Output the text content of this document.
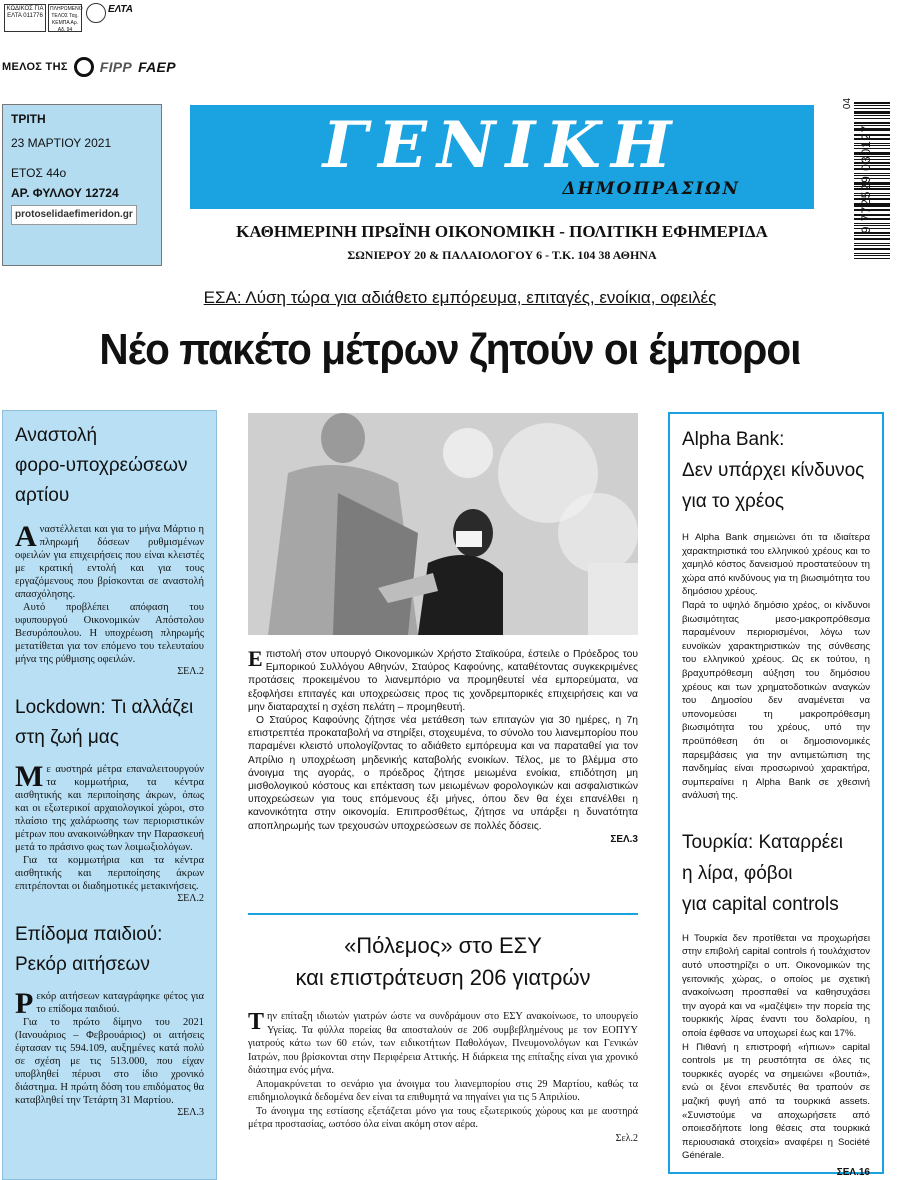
ΚΩΔΙΚΟΣ ΓΙΑ ΕΛΤΑ 011776
ΠΛΗΡΩΜΕΝΟ ΤΕΛΟΣ Ταχ. ΚΕΜΠΑ Αρ. Αδ. 94
ΕΛΤΑ
ΜΕΛΟΣ ΤΗΣ FIPP FAEP
ΤΡΙΤΗ
23 ΜΑΡΤΙΟΥ 2021
ΕΤΟΣ 44ο
ΑΡ. ΦΥΛΛΟΥ 12724
protoselidaefimeridon.gr
ΓΕΝΙΚΗ
ΔΗΜΟΠΡΑΣΙΩΝ
ΚΑΘΗΜΕΡΙΝΗ ΠΡΩΪΝΗ ΟΙΚΟΝΟΜΙΚΗ - ΠΟΛΙΤΙΚΗ ΕΦΗΜΕΡΙΔΑ
ΣΩΝΙΕΡΟΥ 20 & ΠΑΛΑΙΟΛΟΓΟΥ 6 - Τ.Κ. 104 38 ΑΘΗΝΑ
9 772529 030127
04
ΕΣΑ: Λύση τώρα για αδιάθετο εμπόρευμα, επιταγές, ενοίκια, οφειλές
Νέο πακέτο μέτρων ζητούν οι έμποροι
Αναστολή
φορο-υποχρεώσεων
αρτίου
Αναστέλλεται και για το μήνα Μάρτιο η πληρωμή δόσεων ρυθμισμένων οφειλών για επιχειρήσεις που είναι κλειστές με κρατική εντολή και για τους εργαζόμενους που βρίσκονται σε αναστολή απασχόλησης.
Αυτό προβλέπει απόφαση του υφυπουργού Οικονομικών Απόστολου Βεσυρόπουλου. Η υποχρέωση πληρωμής μετατίθεται για τον επόμενο του τελευταίου μήνα της ρύθμισης οφειλών.
ΣΕΛ.2
Lockdown: Τι αλλάζει
στη ζωή μας
Με αυστηρά μέτρα επαναλειτουργούν τα κομμωτήρια, τα κέντρα αισθητικής και περιποίησης άκρων, όπως και οι εξωτερικοί αρχαιολογικοί χώροι, στο πλαίσιο της χαλάρωσης των περιοριστικών μέτρων που ανακοινώθηκαν την Παρασκευή μετά το πράσινο φως των λοιμωξιολόγων.
Για τα κομμωτήρια και τα κέντρα αισθητικής και περιποίησης άκρων επιτρέπονται οι διαδημοτικές μετακινήσεις.
ΣΕΛ.2
Επίδομα παιδιού:
Ρεκόρ αιτήσεων
Ρεκόρ αιτήσεων καταγράφηκε φέτος για το επίδομα παιδιού.
Για το πρώτο δίμηνο του 2021 (Ιανουάριος – Φεβρουάριος) οι αιτήσεις έφτασαν τις 594.109, αυξημένες κατά πολύ σε σχέση με τις 513.000, που είχαν υποβληθεί πέρυσι στο ίδιο χρονικό διάστημα. Η πρώτη δόση του επιδόματος θα καταβληθεί την Τετάρτη 31 Μαρτίου.
ΣΕΛ.3
Επιστολή στον υπουργό Οικονομικών Χρήστο Σταϊκούρα, έστειλε ο Πρόεδρος του Εμπορικού Συλλόγου Αθηνών, Σταύρος Καφούνης, καταθέτοντας συγκεκριμένες προτάσεις προκειμένου το λιανεμπόριο να προμηθευτεί νέα εμπορεύματα, να εξοφλήσει επιταγές και υποχρεώσεις προς τις χονδρεμπορικές επιχειρήσεις και να μην διαταραχτεί η σχέση πελάτη – προμηθευτή.
Ο Σταύρος Καφούνης ζήτησε νέα μετάθεση των επιταγών για 30 ημέρες, η 7η επιστρεπτέα προκαταβολή να στηρίξει, στοχευμένα, το σύνολο του λιανεμπορίου που παραμένει κλειστό υπολογίζοντας το αδιάθετο εμπόρευμα και να παραταθεί για τον Απρίλιο η υποχρέωση μηδενικής καταβολής ενοικίων. Τέλος, με το βλέμμα στο άνοιγμα της αγοράς, ο πρόεδρος ζήτησε μειωμένα ενοίκια, επιδότηση μη μισθολογικού κόστους και επέκταση των μειωμένων φορολογικών και ασφαλιστικών υποχρεώσεων για τους επόμενους έξι μήνες, όπου δεν θα έχει επανέλθει η κανονικότητα στην οικονομία. Επιπροσθέτως, ζήτησε να υπάρξει η δυνατότητα αποπληρωμής των τρεχουσών υποχρεώσεων σε πολλές δόσεις.
ΣΕΛ.3
«Πόλεμος» στο ΕΣΥ
και επιστράτευση 206 γιατρών
Την επίταξη ιδιωτών γιατρών ώστε να συνδράμουν στο ΕΣΥ ανακοίνωσε, το υπουργείο Υγείας. Τα φύλλα πορείας θα αποσταλούν σε 206 συμβεβλημένους με τον ΕΟΠΥΥ γιατρούς κάτω των 60 ετών, των ειδικοτήτων Παθολόγων, Πνευμονολόγων και Γενικών Ιατρών, που βρίσκονται στην Περιφέρεια Αττικής. Η διάρκεια της επίταξης είναι για χρονικό διάστημα ενός μήνα.
Απομακρύνεται το σενάριο για άνοιγμα του λιανεμπορίου στις 29 Μαρτίου, καθώς τα επιδημιολογικά δεδομένα δεν είναι τα επιθυμητά να πηγαίνει για τις 5 Απριλίου.
Το άνοιγμα της εστίασης εξετάζεται μόνο για τους εξωτερικούς χώρους και με αυστηρά μέτρα προστασίας, ωστόσο όλα είναι ακόμη στον αέρα.
Σελ.2
Alpha Bank:
Δεν υπάρχει κίνδυνος
για το χρέος
Η Alpha Bank σημειώνει ότι τα ιδιαίτερα χαρακτηριστικά του ελληνικού χρέους και το χαμηλό κόστος δανεισμού προστατεύουν τη χώρα από κινδύνους για τη βιωσιμότητα του δημόσιου χρέους.
Παρά το υψηλό δημόσιο χρέος, οι κίνδυνοι βιωσιμότητας μεσο-μακροπρόθεσμα παραμένουν περιορισμένοι, λόγω των ευνοϊκών χαρακτηριστικών της σύνθεσης του ελληνικού χρέους. Ως εκ τούτου, η βραχυπρόθεσμη αύξηση του δημόσιου χρέους και των χρηματοδοτικών αναγκών του Δημοσίου δεν αναμένεται να υπονομεύσει τη μακροπρόθεσμη βιωσιμότητα του χρέους, υπό την προϋπόθεση ότι οι δημοσιονομικές παρεμβάσεις για την αντιμετώπιση της πανδημίας είναι προσωρινού χαρακτήρα, συμπεραίνει η Alpha Bank σε χθεσινή ανάλυσή της.
Τουρκία: Καταρρέει
η λίρα, φόβοι
για capital controls
Η Τουρκία δεν προτίθεται να προχωρήσει στην επιβολή capital controls ή τουλάχιστον αυτό υποστηρίζει ο υπ. Οικονομικών της γειτονικής χώρας, ο οποίος με σχετική ανακοίνωση προσπαθεί να καθησυχάσει την αγορά και να «μαζέψει» την πορεία της τουρκικής λίρας έναντι του δολαρίου, η οποία έφθασε να υποχωρεί έως και 17%.
Η Πιθανή η επιστροφή «ήπιων» capital controls με τη ρευστότητα σε όλες τις τουρκικές αγορές να σημειώνει «βουτιά», ενώ οι ξένοι επενδυτές θα τραπούν σε μαζική φυγή από τα τουρκικά assets. «Συνιστούμε να αποχωρήσετε από οποιεσδήποτε long θέσεις στα τουρκικά περιουσιακά στοιχεία» αναφέρει η Société Générale.
ΣΕΛ.16
